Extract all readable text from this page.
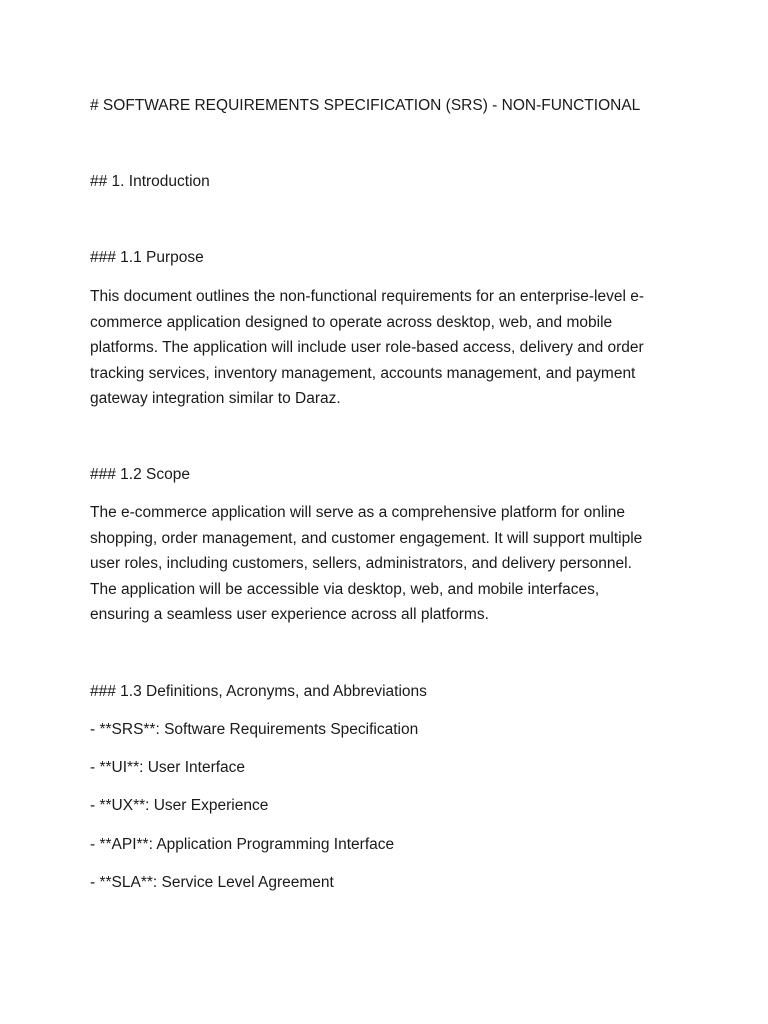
# SOFTWARE REQUIREMENTS SPECIFICATION (SRS) - NON-FUNCTIONAL

## 1. Introduction

### 1.1 Purpose

This document outlines the non-functional requirements for an enterprise-level e-
commerce application designed to operate across desktop, web, and mobile
platforms. The application will include user role-based access, delivery and order
tracking services, inventory management, accounts management, and payment
gateway integration similar to Daraz.

### 1.2 Scope

The e-commerce application will serve as a comprehensive platform for online
shopping, order management, and customer engagement. It will support multiple
user roles, including customers, sellers, administrators, and delivery personnel.
The application will be accessible via desktop, web, and mobile interfaces,
ensuring a seamless user experience across all platforms.

### 1.3 Definitions, Acronyms, and Abbreviations

- **SRS**: Software Requirements Specification

- **UI**: User Interface

- **UX**: User Experience

- **API**: Application Programming Interface

- **SLA**: Service Level Agreement
